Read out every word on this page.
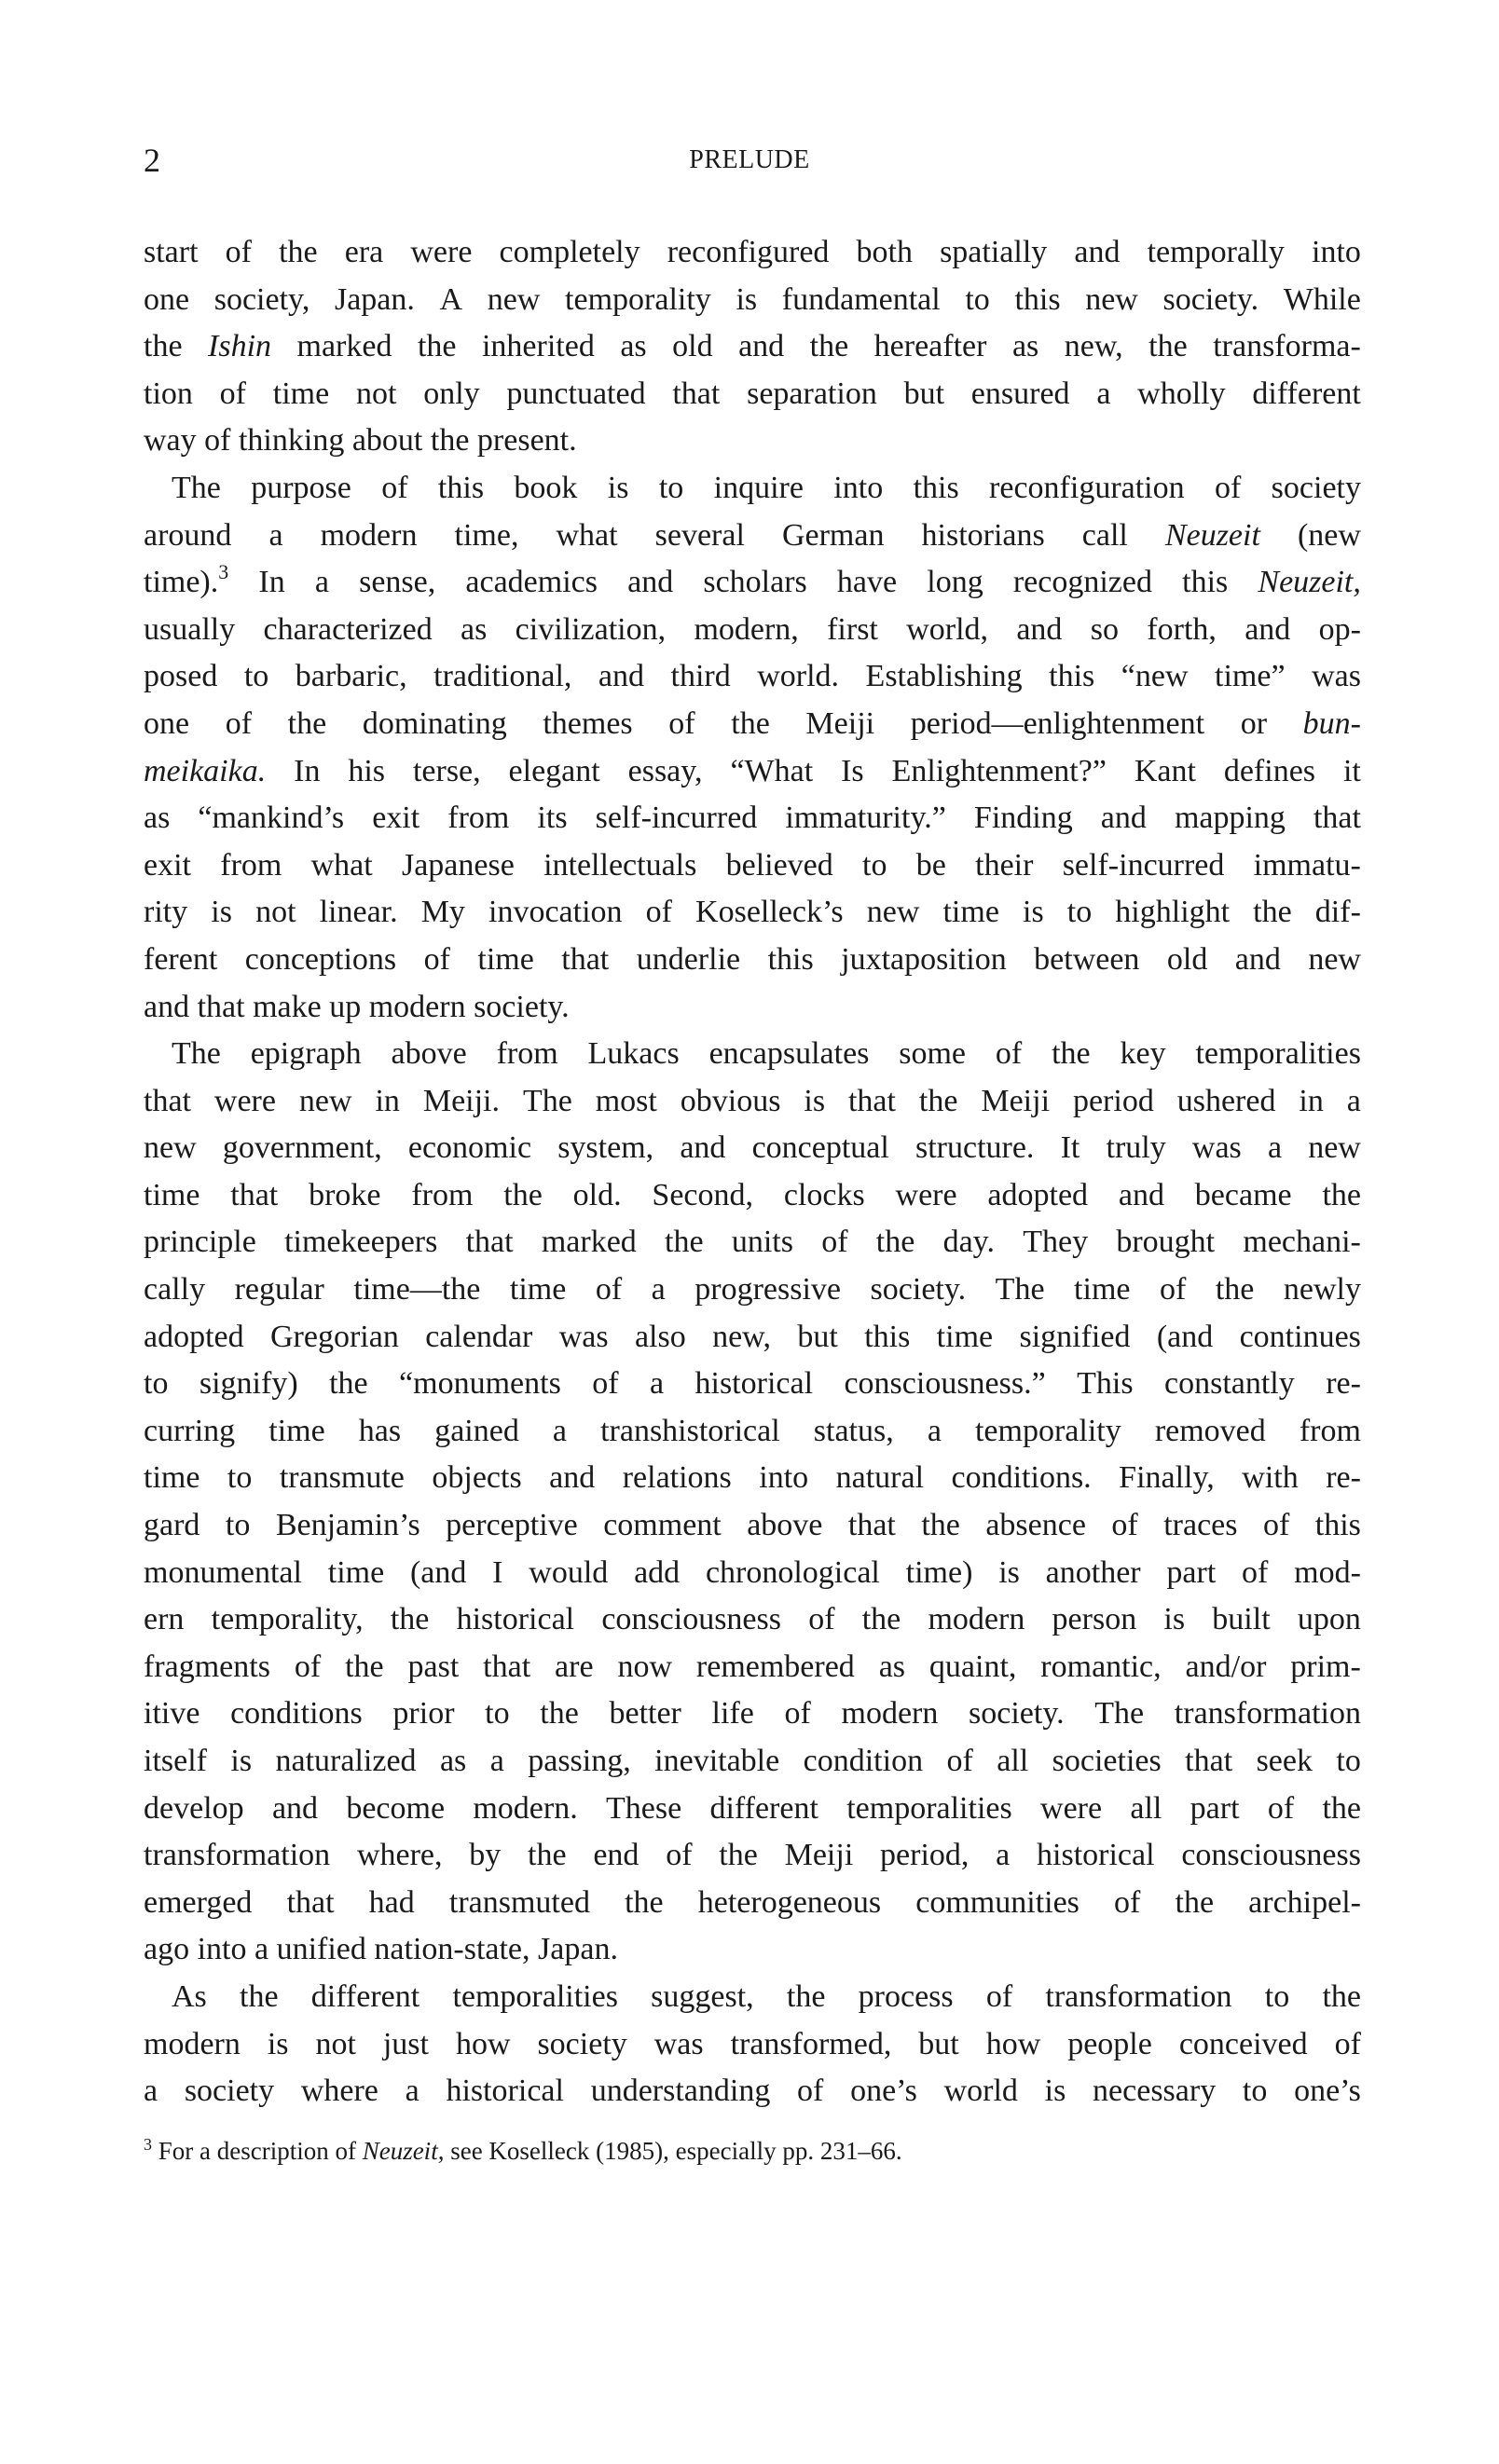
2	PRELUDE
start of the era were completely reconfigured both spatially and temporally into
one society, Japan. A new temporality is fundamental to this new society. While
the Ishin marked the inherited as old and the hereafter as new, the transforma-
tion of time not only punctuated that separation but ensured a wholly different
way of thinking about the present.
The purpose of this book is to inquire into this reconfiguration of society
around a modern time, what several German historians call Neuzeit (new
time).$^3$ In a sense, academics and scholars have long recognized this Neuzeit,
usually characterized as civilization, modern, first world, and so forth, and op-
posed to barbaric, traditional, and third world. Establishing this “new time” was
one of the dominating themes of the Meiji period—enlightenment or bun-
meikaika. In his terse, elegant essay, “What Is Enlightenment?” Kant defines it
as “mankind’s exit from its self-incurred immaturity.” Finding and mapping that
exit from what Japanese intellectuals believed to be their self-incurred immatu-
rity is not linear. My invocation of Koselleck’s new time is to highlight the dif-
ferent conceptions of time that underlie this juxtaposition between old and new
and that make up modern society.
The epigraph above from Lukacs encapsulates some of the key temporalities
that were new in Meiji. The most obvious is that the Meiji period ushered in a
new government, economic system, and conceptual structure. It truly was a new
time that broke from the old. Second, clocks were adopted and became the
principle timekeepers that marked the units of the day. They brought mechani-
cally regular time—the time of a progressive society. The time of the newly
adopted Gregorian calendar was also new, but this time signified (and continues
to signify) the “monuments of a historical consciousness.” This constantly re-
curring time has gained a transhistorical status, a temporality removed from
time to transmute objects and relations into natural conditions. Finally, with re-
gard to Benjamin’s perceptive comment above that the absence of traces of this
monumental time (and I would add chronological time) is another part of mod-
ern temporality, the historical consciousness of the modern person is built upon
fragments of the past that are now remembered as quaint, romantic, and/or prim-
itive conditions prior to the better life of modern society. The transformation
itself is naturalized as a passing, inevitable condition of all societies that seek to
develop and become modern. These different temporalities were all part of the
transformation where, by the end of the Meiji period, a historical consciousness
emerged that had transmuted the heterogeneous communities of the archipel-
ago into a unified nation-state, Japan.
As the different temporalities suggest, the process of transformation to the
modern is not just how society was transformed, but how people conceived of
a society where a historical understanding of one’s world is necessary to one’s
$^3$ For a description of Neuzeit, see Koselleck (1985), especially pp. 231–66.
